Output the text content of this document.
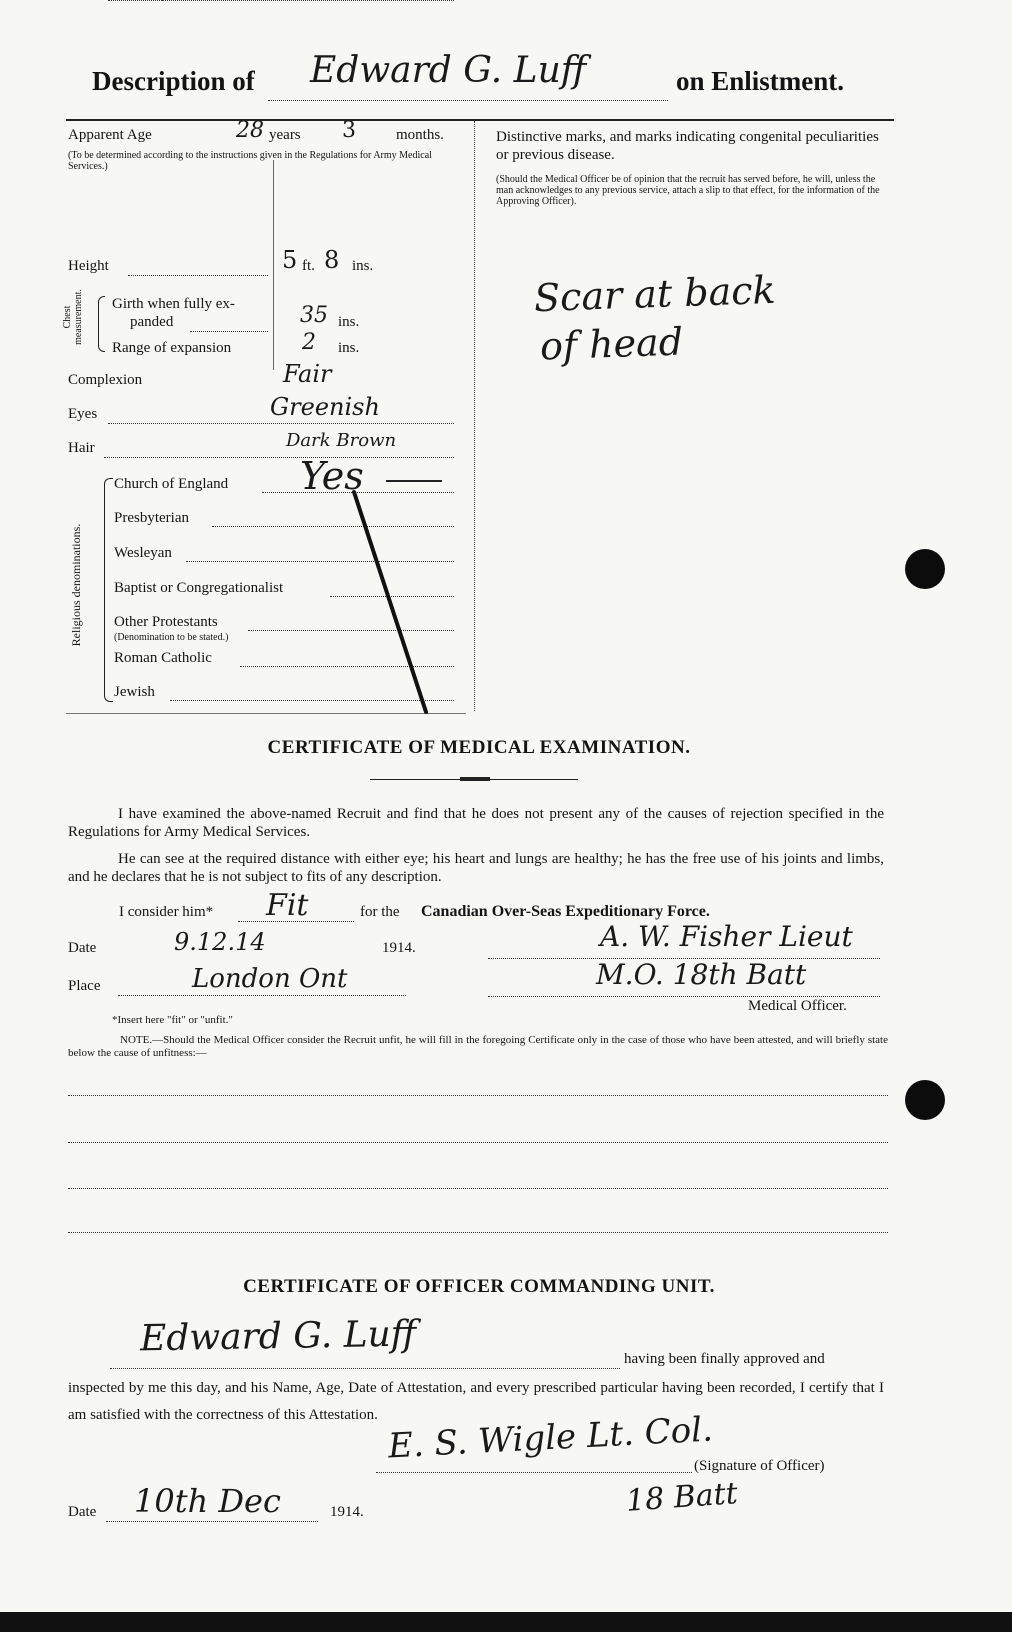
Description of Edward G. Luff	on Enlistment.
Apparent Age	28 years 3	months.
(To be determined according to the instructions given in the Regulations for Army Medical Services.)
Height	5 ft. 8 ins.
Chest measurement. Girth when fully ex-
panded	35 ins.
Range of expansion	2 ins.
Complexion	Fair
Eyes	Greenish
Hair	Dark Brown
Religious denominations.
Church of England Yes
Presbyterian
Wesleyan
Baptist or Congregationalist
Other Protestants
(Denomination to be stated.)
Roman Catholic
Jewish
Distinctive marks, and marks indicating congenital peculiarities or previous disease.
(Should the Medical Officer be of opinion that the recruit has served before, he will, unless the man acknowledges to any previous service, attach a slip to that effect, for the information of the Approving Officer).
Scar at back
of head
CERTIFICATE OF MEDICAL EXAMINATION.
I have examined the above-named Recruit and find that he does not present any of the causes of rejection specified in the Regulations for Army Medical Services.
He can see at the required distance with either eye; his heart and lungs are healthy; he has the free use of his joints and limbs, and he declares that he is not subject to fits of any description.
I consider him* Fit	for the Canadian Over-Seas Expeditionary Force.
Date	9.12.14	1914.
Place	London Ont
A. W. Fisher Lieut
M.O. 18th Batt
Medical Officer.
*Insert here "fit" or "unfit."
NOTE.—Should the Medical Officer consider the Recruit unfit, he will fill in the foregoing Certificate only in the case of those who have been attested, and will briefly state below the cause of unfitness:—
CERTIFICATE OF OFFICER COMMANDING UNIT.
Edward G. Luff	having been finally approved and
inspected by me this day, and his Name, Age, Date of Attestation, and every prescribed particular having been recorded, I certify that I am satisfied with the correctness of this Attestation. E. S. Wigle Lt. Col.
(Signature of Officer)
18 Batt
Date 10th Dec	1914.
